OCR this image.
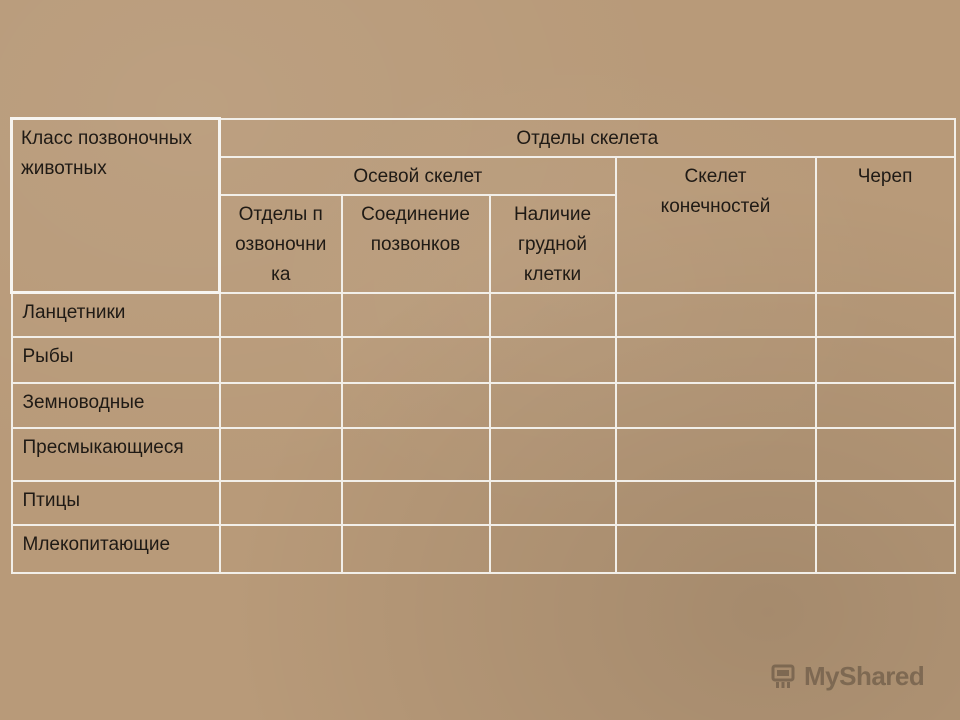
Класс позвоночных животных	Отделы скелета				
	Осевой скелет			Скелет конечностей	Череп

	Отделы позвоночника	Соединение позвонков	Наличие грудной клетки		

Ланцетники					
Рыбы					
Земноводные					
Пресмыкающиеся					
Птицы					
Млекопитающие					
MyShared
